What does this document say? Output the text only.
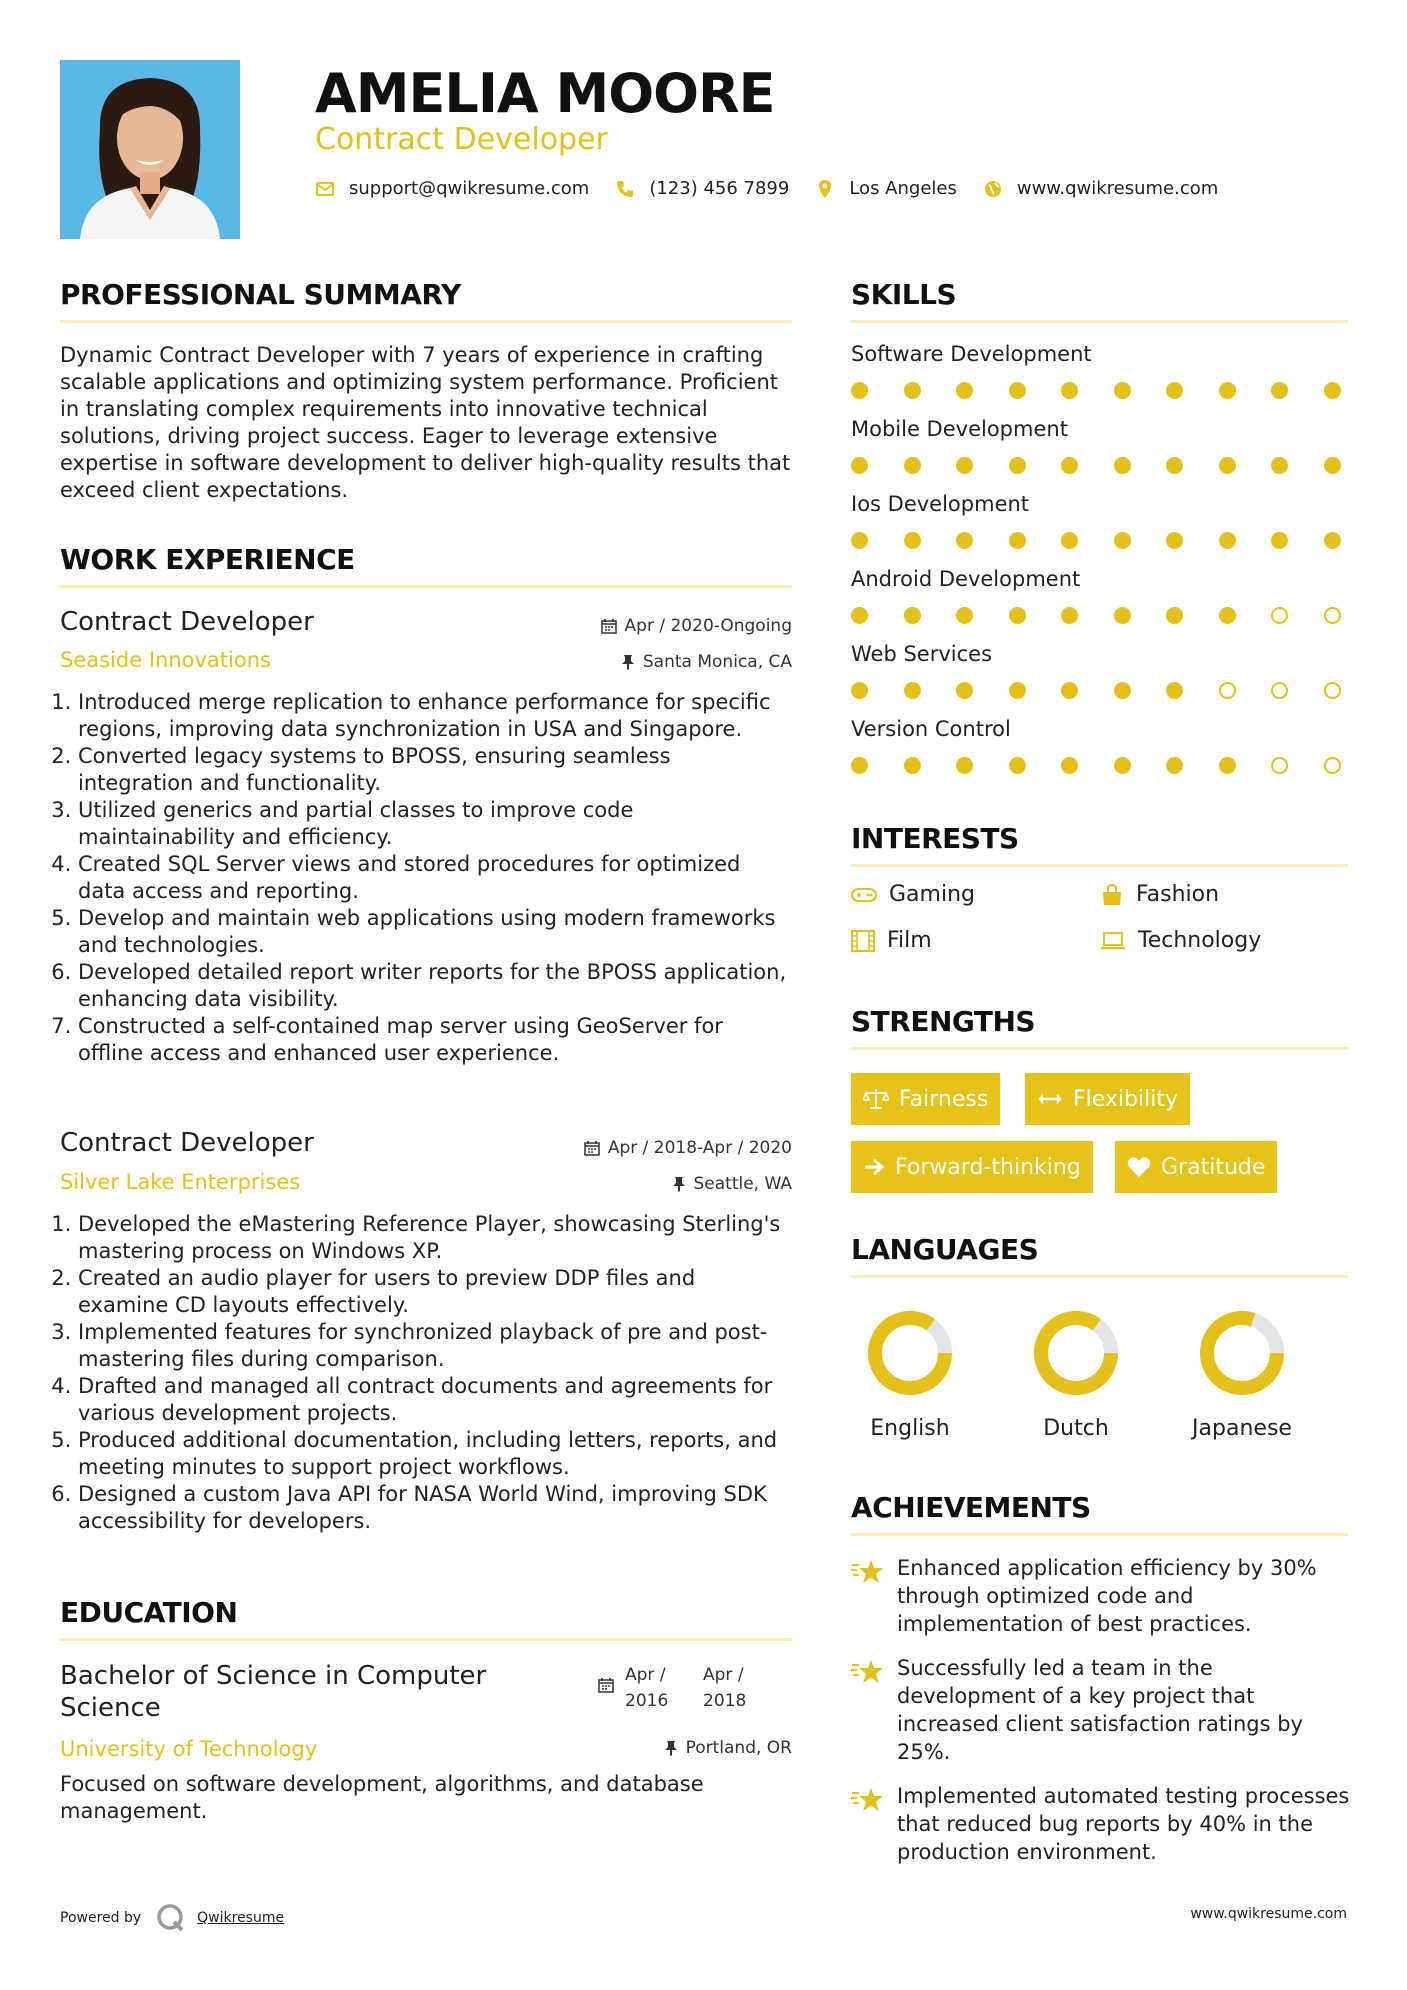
AMELIA MOORE
Contract Developer
support@qwikresume.com	(123) 456 7899	Los Angeles	www.qwikresume.com
PROFESSIONAL SUMMARY
Dynamic Contract Developer with 7 years of experience in crafting scalable applications and optimizing system performance. Proficient in translating complex requirements into innovative technical solutions, driving project success. Eager to leverage extensive expertise in software development to deliver high-quality results that exceed client expectations.
WORK EXPERIENCE
Contract Developer	Apr / 2020-Ongoing
Seaside Innovations	Santa Monica, CA
1. Introduced merge replication to enhance performance for specific regions, improving data synchronization in USA and Singapore.
2. Converted legacy systems to BPOSS, ensuring seamless integration and functionality.
3. Utilized generics and partial classes to improve code maintainability and efficiency.
4. Created SQL Server views and stored procedures for optimized data access and reporting.
5. Develop and maintain web applications using modern frameworks and technologies.
6. Developed detailed report writer reports for the BPOSS application, enhancing data visibility.
7. Constructed a self-contained map server using GeoServer for offline access and enhanced user experience.
Contract Developer	Apr / 2018-Apr / 2020
Silver Lake Enterprises	Seattle, WA
1. Developed the eMastering Reference Player, showcasing Sterling's mastering process on Windows XP.
2. Created an audio player for users to preview DDP files and examine CD layouts effectively.
3. Implemented features for synchronized playback of pre and post-mastering files during comparison.
4. Drafted and managed all contract documents and agreements for various development projects.
5. Produced additional documentation, including letters, reports, and meeting minutes to support project workflows.
6. Designed a custom Java API for NASA World Wind, improving SDK accessibility for developers.
EDUCATION
Bachelor of Science in Computer Science
Apr /
2016
Apr /
2018
University of Technology	Portland, OR
Focused on software development, algorithms, and database management.
SKILLS
Software Development
Mobile Development
Ios Development
Android Development
Web Services
Version Control
INTERESTS
Gaming	Fashion
Film	Technology
STRENGTHS
Fairness	Flexibility
Forward-thinking	Gratitude
LANGUAGES
English	Dutch	Japanese
ACHIEVEMENTS
Enhanced application efficiency by 30% through optimized code and implementation of best practices.
Successfully led a team in the development of a key project that increased client satisfaction ratings by 25%.
Implemented automated testing processes that reduced bug reports by 40% in the production environment.
Powered by	Qwikresume	www.qwikresume.com
